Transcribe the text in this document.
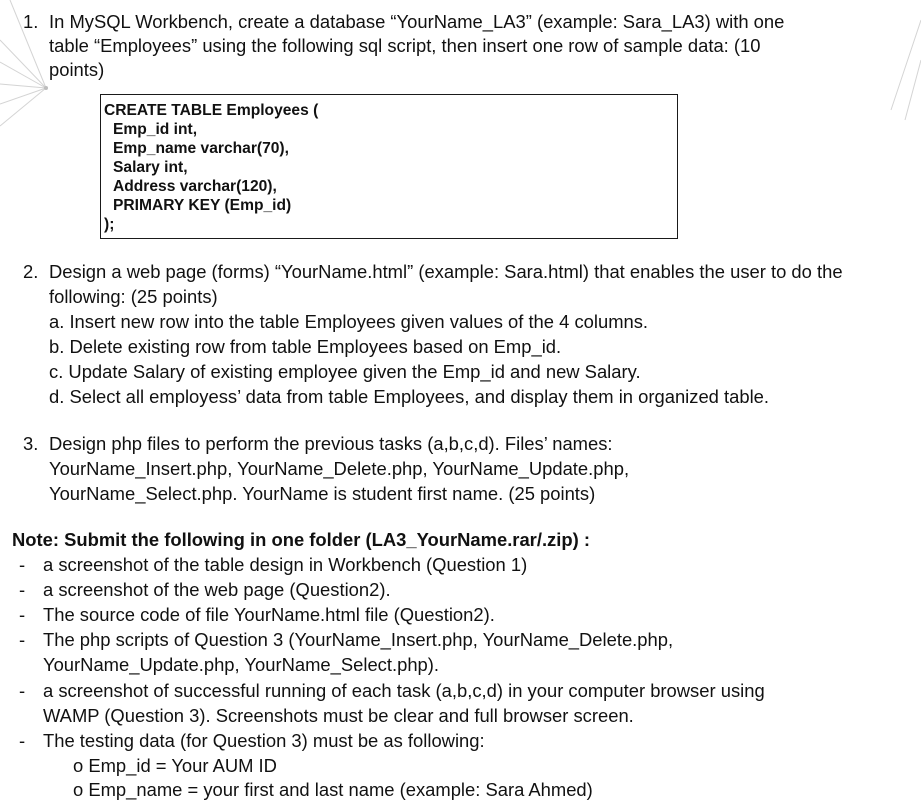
1. In MySQL Workbench, create a database “YourName_LA3” (example: Sara_LA3) with one
table “Employees” using the following sql script, then insert one row of sample data: (10
points)
CREATE TABLE Employees (
Emp_id int,
Emp_name varchar(70),
Salary int,
Address varchar(120),
PRIMARY KEY (Emp_id)
);
2. Design a web page (forms) “YourName.html” (example: Sara.html) that enables the user to do the
following: (25 points)
a. Insert new row into the table Employees given values of the 4 columns.
b. Delete existing row from table Employees based on Emp_id.
c. Update Salary of existing employee given the Emp_id and new Salary.
d. Select all employess’ data from table Employees, and display them in organized table.
3. Design php files to perform the previous tasks (a,b,c,d). Files’ names:
YourName_Insert.php, YourName_Delete.php, YourName_Update.php,
YourName_Select.php. YourName is student first name. (25 points)
Note: Submit the following in one folder (LA3_YourName.rar/.zip) :
- a screenshot of the table design in Workbench (Question 1)
- a screenshot of the web page (Question2).
- The source code of file YourName.html file (Question2).
- The php scripts of Question 3 (YourName_Insert.php, YourName_Delete.php,
YourName_Update.php, YourName_Select.php).
- a screenshot of successful running of each task (a,b,c,d) in your computer browser using
WAMP (Question 3). Screenshots must be clear and full browser screen.
- The testing data (for Question 3) must be as following:
o Emp_id = Your AUM ID
o Emp_name = your first and last name (example: Sara Ahmed)
